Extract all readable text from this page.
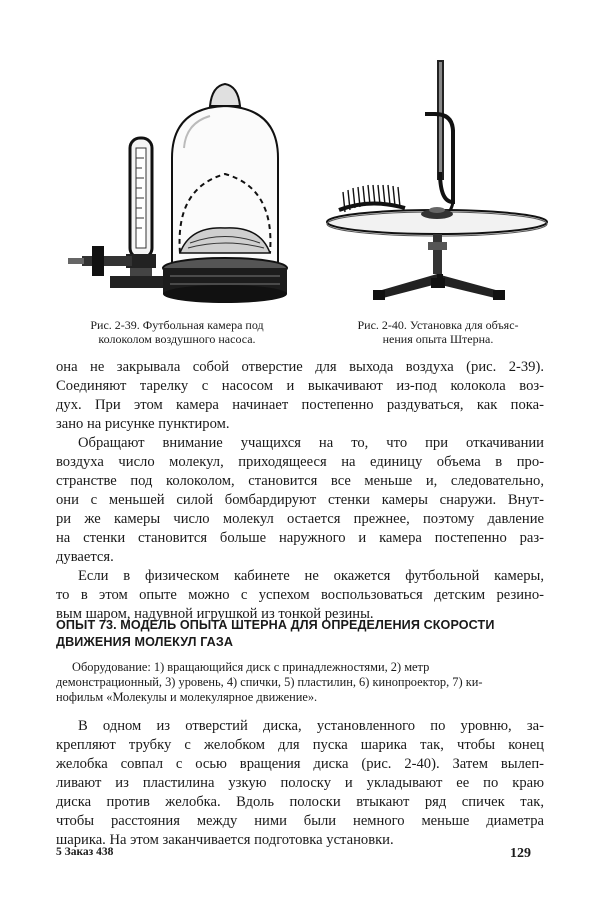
Рис. 2-39. Футбольная камера под
колоколом воздушного насоса.
Рис. 2-40. Установка для объяс-
нения опыта Штерна.
она не закрывала собой отверстие для выхода воздуха (рис. 2-39).
Соединяют тарелку с насосом и выкачивают из-под колокола воз-
дух. При этом камера начинает постепенно раздуваться, как пока-
зано на рисунке пунктиром.
Обращают внимание учащихся на то, что при откачивании
воздуха число молекул, приходящееся на единицу объема в про-
странстве под колоколом, становится все меньше и, следовательно,
они с меньшей силой бомбардируют стенки камеры снаружи. Внут-
ри же камеры число молекул остается прежнее, поэтому давление
на стенки становится больше наружного и камера постепенно раз-
дувается.
Если в физическом кабинете не окажется футбольной камеры,
то в этом опыте можно с успехом воспользоваться детским резино-
вым шаром, надувной игрушкой из тонкой резины.
ОПЫТ 73. МОДЕЛЬ ОПЫТА ШТЕРНА ДЛЯ ОПРЕДЕЛЕНИЯ СКОРОСТИ
ДВИЖЕНИЯ МОЛЕКУЛ ГАЗА
Оборудование: 1) вращающийся диск с принадлежностями, 2) метр
демонстрационный, 3) уровень, 4) спички, 5) пластилин, 6) кинопроектор, 7) ки-
нофильм «Молекулы и молекулярное движение».
В одном из отверстий диска, установленного по уровню, за-
крепляют трубку с желобком для пуска шарика так, чтобы конец
желобка совпал с осью вращения диска (рис. 2-40). Затем вылеп-
ливают из пластилина узкую полоску и укладывают ее по краю
диска против желобка. Вдоль полоски втыкают ряд спичек так,
чтобы расстояния между ними были немного меньше диаметра
шарика. На этом заканчивается подготовка установки.
5 Заказ 438	129
